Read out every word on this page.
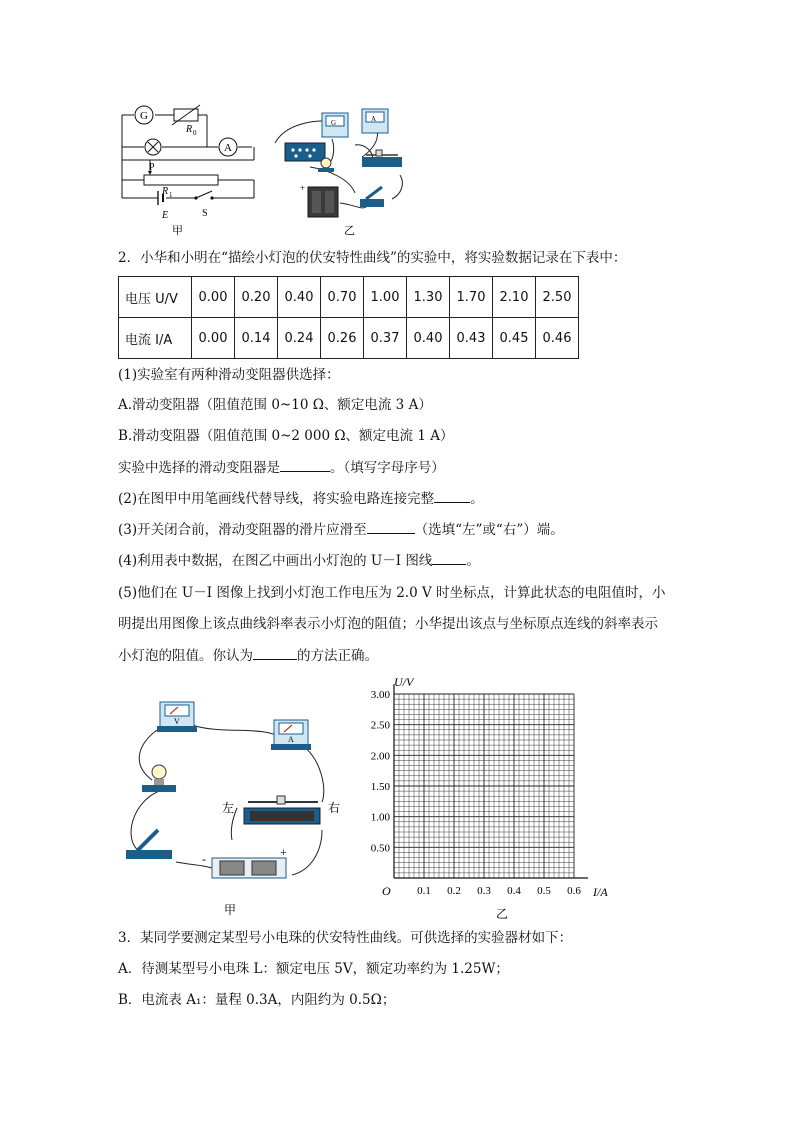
G
A
R 0
P
R 1
E	S
甲
G	A
+
乙
2．小华和小明在“描绘小灯泡的伏安特性曲线”的实验中，将实验数据记录在下表中：
电压 U/V	0.00	0.20	0.40	0.70	1.00	1.30	1.70	2.10	2.50
电流 I/A	0.00	0.14	0.24	0.26	0.37	0.40	0.43	0.45	0.46
(1)实验室有两种滑动变阻器供选择：
A.滑动变阻器（阻值范围 0~10 Ω、额定电流 3 A）
B.滑动变阻器（阻值范围 0~2 000 Ω、额定电流 1 A）
实验中选择的滑动变阻器是	。（填写字母序号）
(2)在图甲中用笔画线代替导线，将实验电路连接完整	。
(3)开关闭合前，滑动变阻器的滑片应滑至	（选填“左”或“右”）端。
(4)利用表中数据，在图乙中画出小灯泡的 U－I 图线	。
(5)他们在 U－I 图像上找到小灯泡工作电压为 2.0 V 时坐标点，计算此状态的电阻值时，小
明提出用图像上该点曲线斜率表示小灯泡的阻值；小华提出该点与坐标原点连线的斜率表示
小灯泡的阻值。你认为	的方法正确。
V
A
左	右
-	+
甲
0.50
1.00
1.50
2.00
2.50
3.00
0.1 0.2 0.3 0.4 0.5 0.6
U/V
I/A
O
乙
3．某同学要测定某型号小电珠的伏安特性曲线。可供选择的实验器材如下：
A．待测某型号小电珠 L：额定电压 5V，额定功率约为 1.25W；
B．电流表 A₁：量程 0.3A，内阻约为 0.5Ω；
